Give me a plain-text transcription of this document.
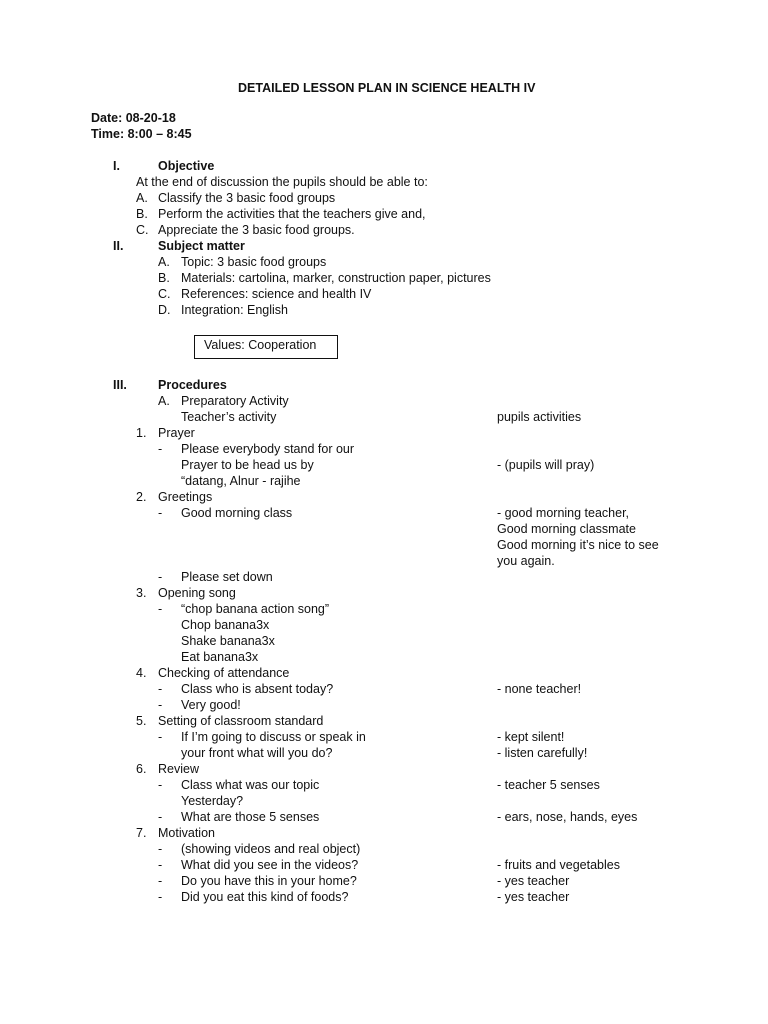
DETAILED LESSON PLAN IN SCIENCE HEALTH IV
Date: 08-20-18
Time: 8:00 – 8:45
I.	Objective
At the end of discussion the pupils should be able to:
A. Classify the 3 basic food groups
B. Perform the activities that the teachers give and,
C. Appreciate the 3 basic food groups.
II.	Subject matter
A. Topic: 3 basic food groups
B. Materials: cartolina, marker, construction paper, pictures
C. References: science and health IV
D. Integration: English
Values: Cooperation
III. Procedures
A. Preparatory Activity
Teacher’s activity	pupils activities
1. Prayer
- Please everybody stand for our
Prayer to be head us by	- (pupils will pray)
“datang, Alnur - rajihe
2. Greetings
- Good morning class	- good morning teacher,
Good morning classmate
Good morning it’s nice to see
you again.
- Please set down
3. Opening song
- “chop banana action song”
Chop banana3x
Shake banana3x
Eat banana3x
4. Checking of attendance
- Class who is absent today?	- none teacher!
- Very good!
5. Setting of classroom standard
- If I’m going to discuss or speak in	- kept silent!
your front what will you do?	- listen carefully!
6. Review
- Class what was our topic	- teacher 5 senses
Yesterday?
- What are those 5 senses	- ears, nose, hands, eyes
7. Motivation
- (showing videos and real object)
- What did you see in the videos?	- fruits and vegetables
- Do you have this in your home?	- yes teacher
- Did you eat this kind of foods?	- yes teacher
